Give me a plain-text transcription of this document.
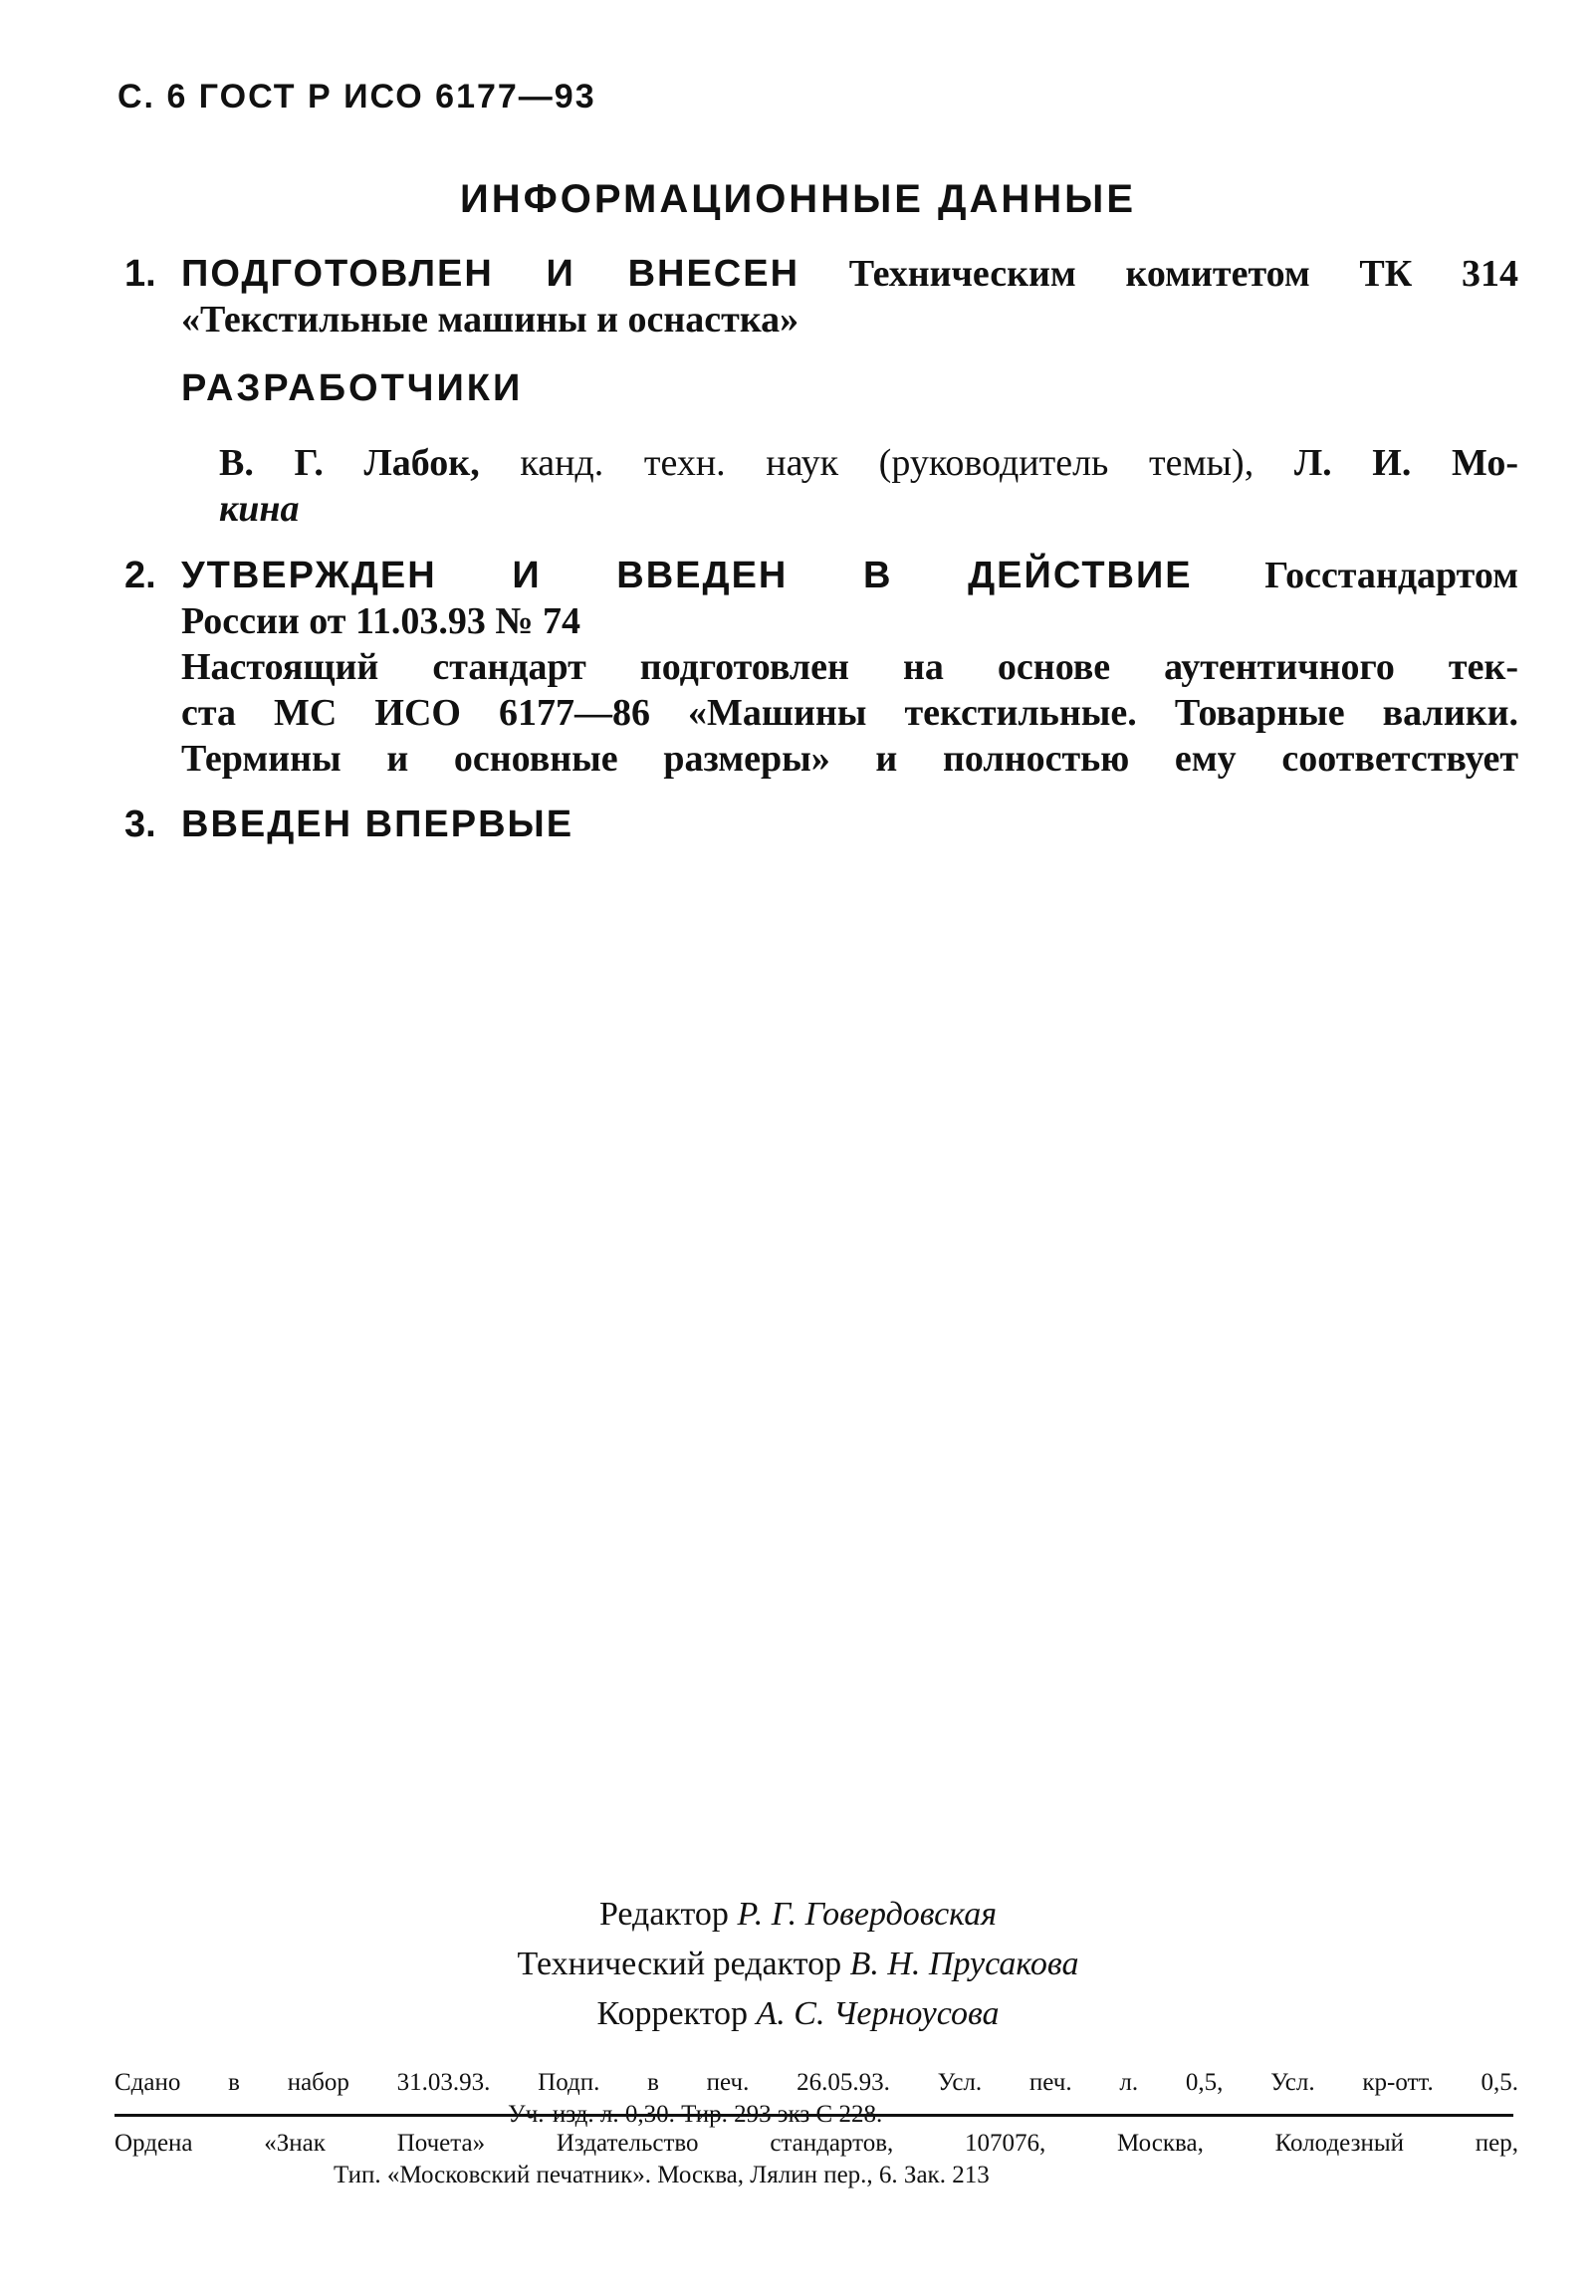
С. 6 ГОСТ Р ИСО 6177—93
ИНФОРМАЦИОННЫЕ ДАННЫЕ
1. ПОДГОТОВЛЕН И ВНЕСЕН Техническим комитетом ТК 314
«Текстильные машины и оснастка»
РАЗРАБОТЧИКИ
В. Г. Лабок, канд. техн. наук (руководитель темы), Л. И. Мо-
кина
2. УТВЕРЖДЕН И ВВЕДЕН В ДЕЙСТВИЕ Госстандартом
России от 11.03.93 № 74
Настоящий стандарт подготовлен на основе аутентичного тек-
ста МС ИСО 6177—86 «Машины текстильные. Товарные валики.
Термины и основные размеры» и полностью ему соответствует
3. ВВЕДЕН ВПЕРВЫЕ
Редактор Р. Г. Говердовская
Технический редактор В. Н. Прусакова
Корректор А. С. Черноусова
Сдано в набор 31.03.93. Подп. в печ. 26.05.93. Усл. печ. л. 0,5, Усл. кр-отт. 0,5.
Уч.-изд. л. 0,30. Тир. 293 экз С 228.
Ордена «Знак Почета» Издательство стандартов, 107076, Москва, Колодезный пер,
Тип. «Московский печатник». Москва, Лялин пер., 6. Зак. 213
